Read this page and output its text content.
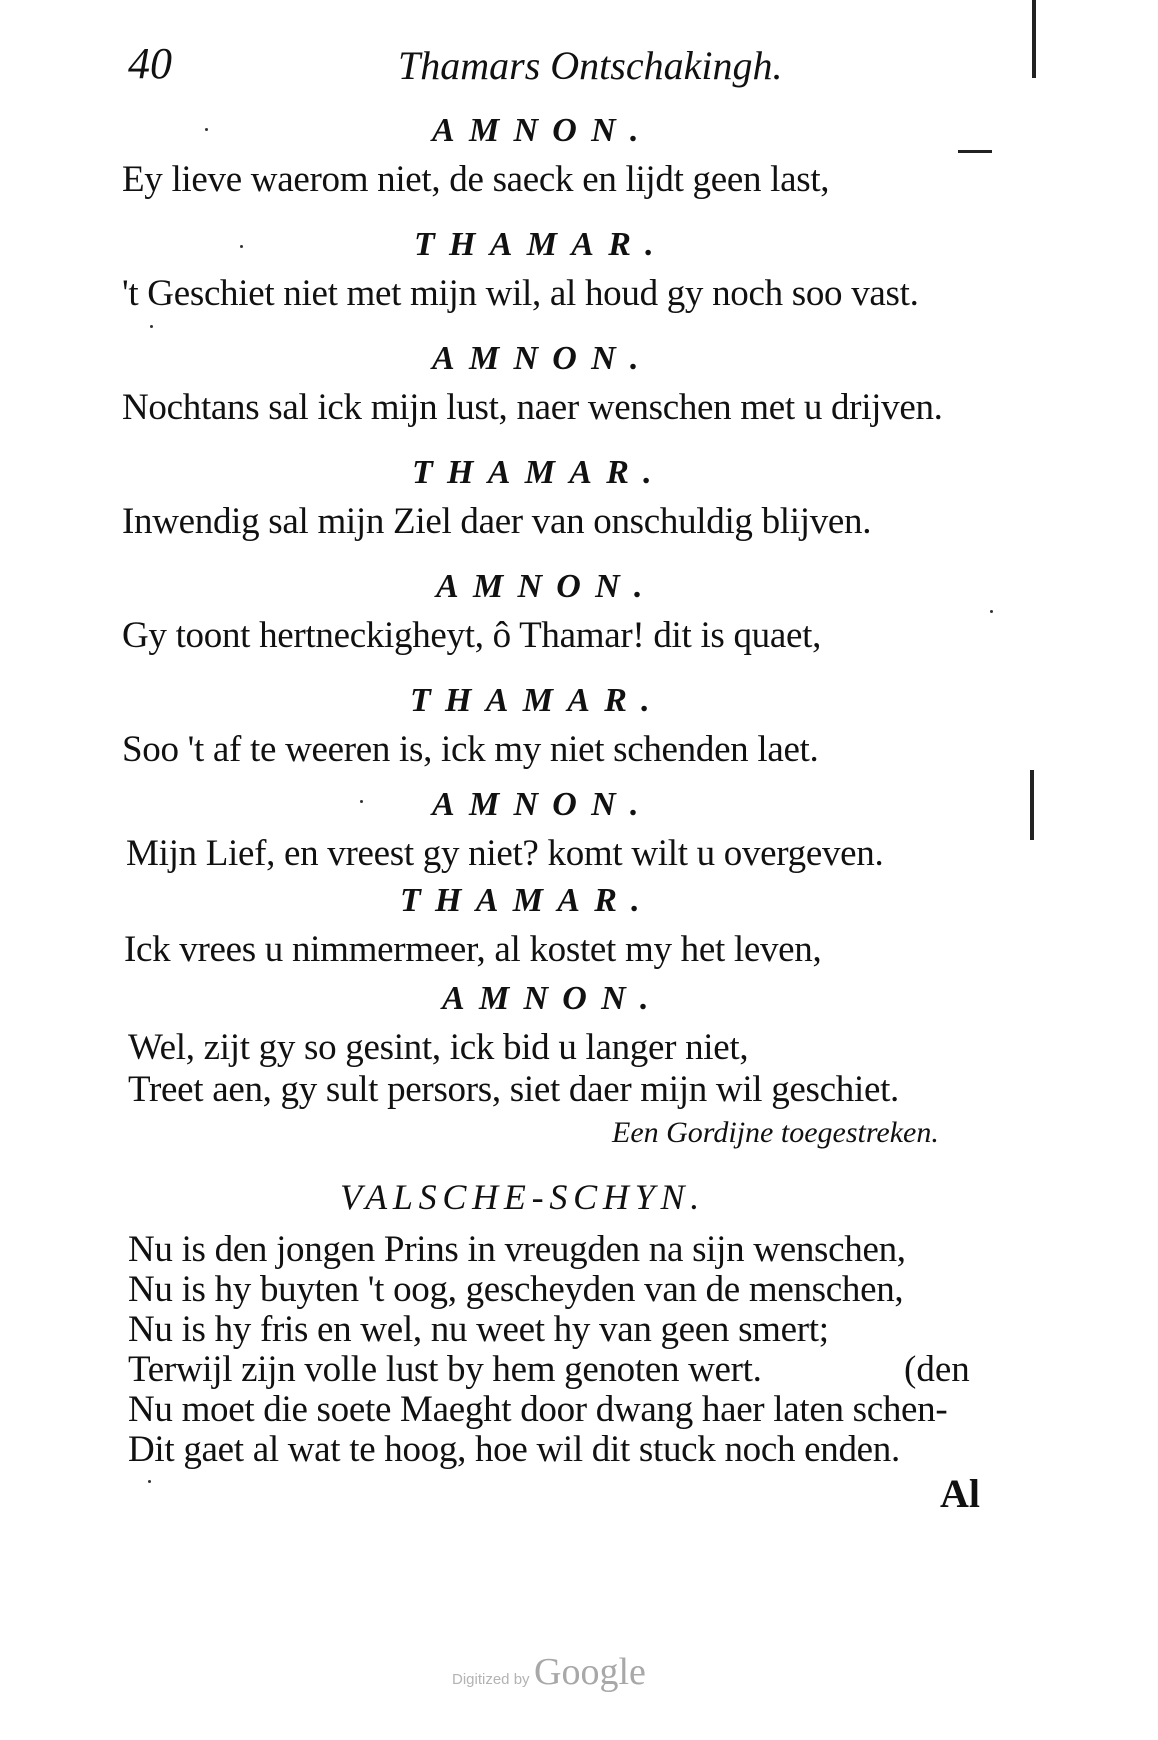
40	Thamars Ontschakingh.
AMNON.
Ey lieve waerom niet, de saeck en lijdt geen last,
THAMAR.
't Geschiet niet met mijn wil, al houd gy noch soo vast.
AMNON.
Nochtans sal ick mijn lust, naer wenschen met u drijven.
THAMAR.
Inwendig sal mijn Ziel daer van onschuldig blijven.
AMNON.
Gy toont hertneckigheyt, ô Thamar! dit is quaet,
THAMAR.
Soo 't af te weeren is, ick my niet schenden laet.
AMNON.
Mijn Lief, en vreest gy niet? komt wilt u overgeven.
THAMAR.
Ick vrees u nimmermeer, al kostet my het leven,
AMNON.
Wel, zijt gy so gesint, ick bid u langer niet,
Treet aen, gy sult persors, siet daer mijn wil geschiet.
Een Gordijne toegestreken.
VALSCHE-SCHYN.
Nu is den jongen Prins in vreugden na sijn wenschen,
Nu is hy buyten 't oog, gescheyden van de menschen,
Nu is hy fris en wel, nu weet hy van geen smert;
Terwijl zijn volle lust by hem genoten wert.	(den
Nu moet die soete Maeght door dwang haer laten schen-
Dit gaet al wat te hoog, hoe wil dit stuck noch enden.
Al
Digitized by Google
